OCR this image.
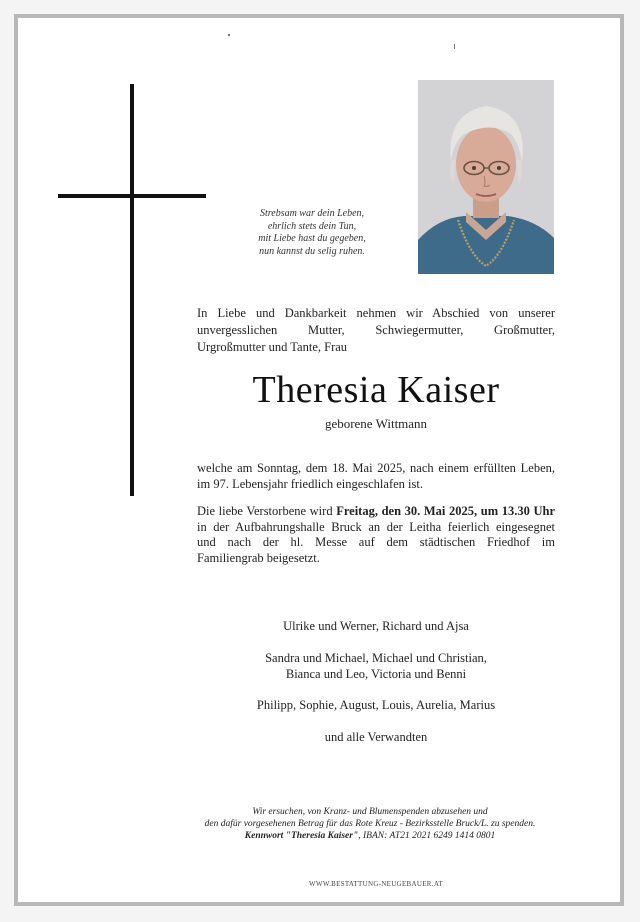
Strebsam war dein Leben,
ehrlich stets dein Tun,
mit Liebe hast du gegeben,
nun kannst du selig ruhen.
In Liebe und Dankbarkeit nehmen wir Abschied von unserer
unvergesslichen Mutter, Schwiegermutter, Großmutter,
Urgroßmutter und Tante, Frau
Theresia Kaiser
geborene Wittmann
welche am Sonntag, dem 18. Mai 2025, nach einem erfüllten Leben,
im 97. Lebensjahr friedlich eingeschlafen ist.
Die liebe Verstorbene wird Freitag, den 30. Mai 2025, um 13.30 Uhr
in der Aufbahrungshalle Bruck an der Leitha feierlich eingesegnet
und nach der hl. Messe auf dem städtischen Friedhof im
Familiengrab beigesetzt.
Ulrike und Werner, Richard und Ajsa
Sandra und Michael, Michael und Christian,
Bianca und Leo, Victoria und Benni
Philipp, Sophie, August, Louis, Aurelia, Marius
und alle Verwandten
Wir ersuchen, von Kranz- und Blumenspenden abzusehen und
den dafür vorgesehenen Betrag für das Rote Kreuz - Bezirksstelle Bruck/L. zu spenden.
Kennwort "Theresia Kaiser", IBAN: AT21 2021 6249 1414 0801
WWW.BESTATTUNG-NEUGEBAUER.AT
